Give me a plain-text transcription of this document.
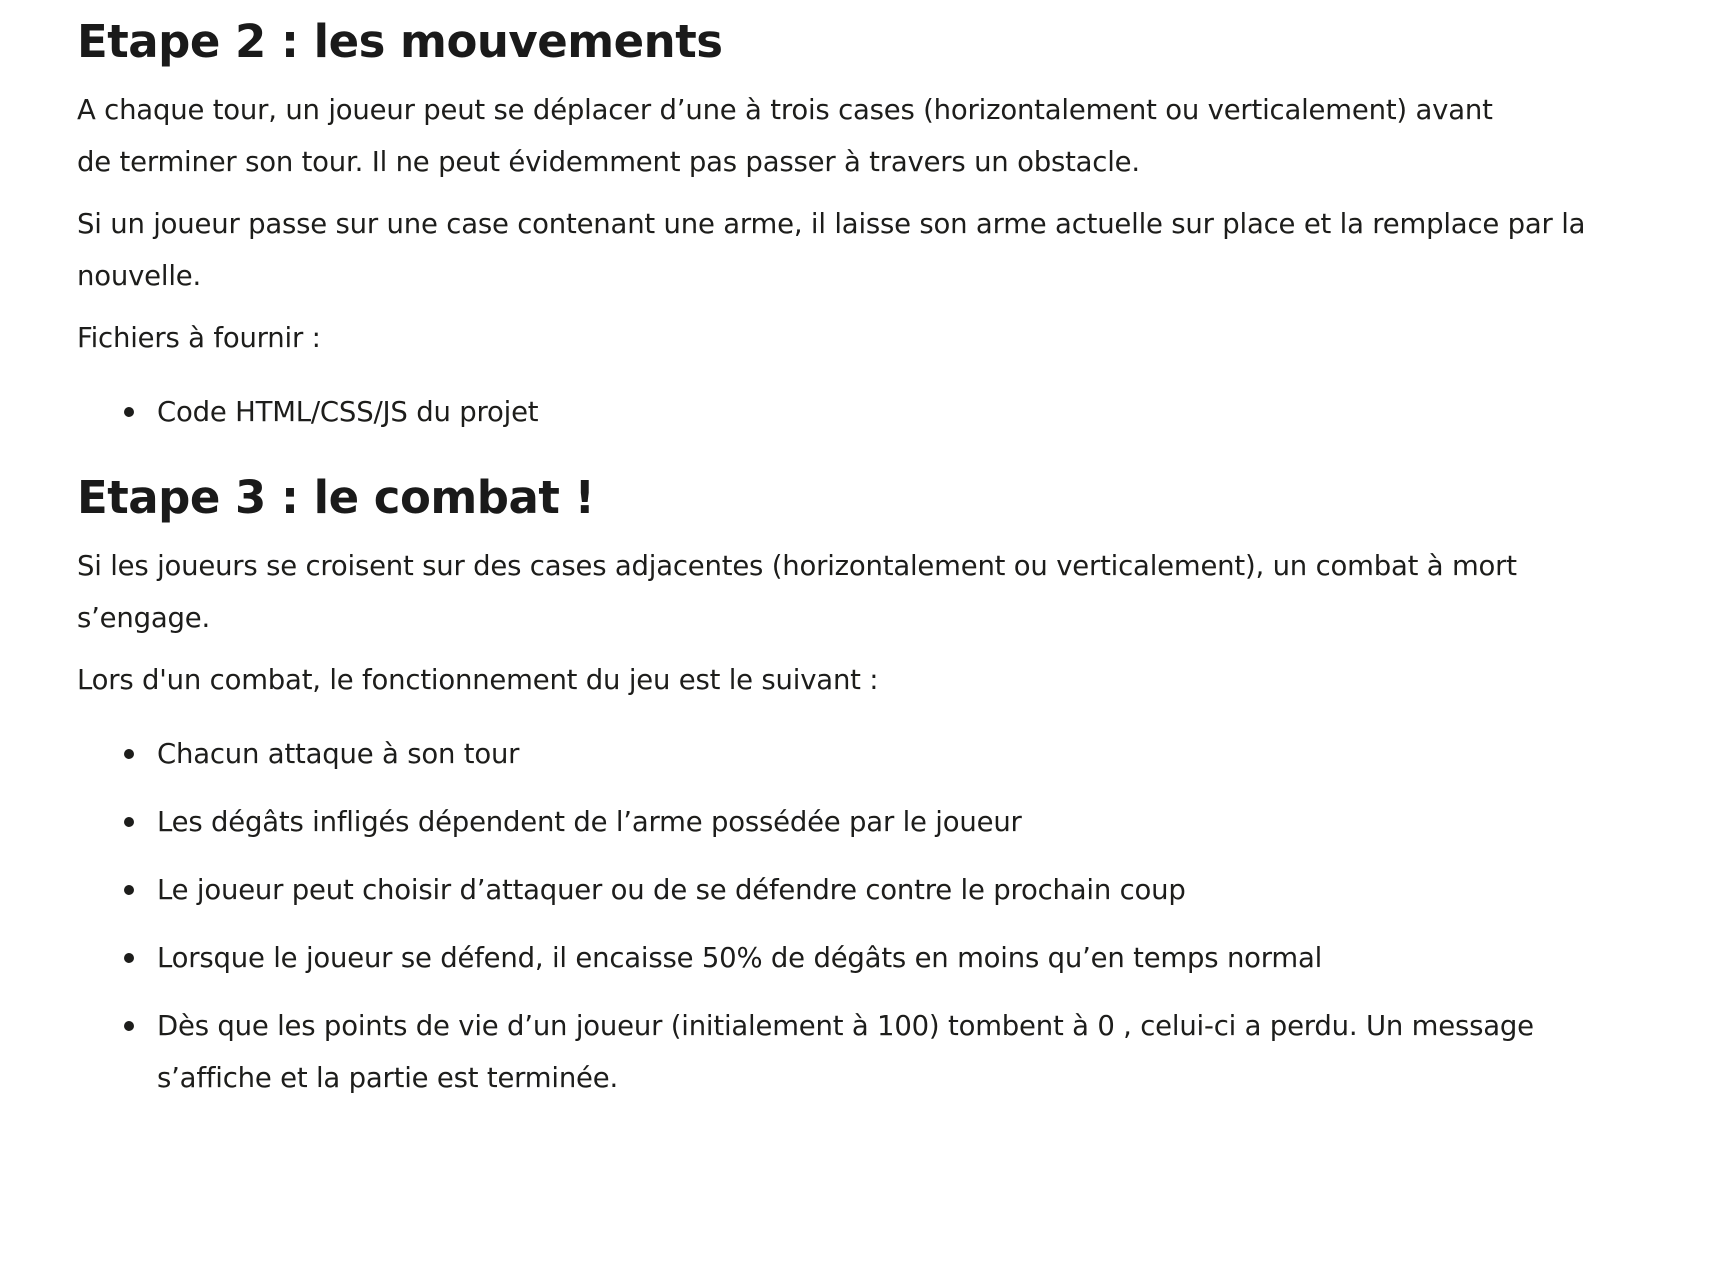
Etape 2 : les mouvements

A chaque tour, un joueur peut se déplacer d’une à trois cases (horizontalement ou verticalement) avant de terminer son tour. Il ne peut évidemment pas passer à travers un obstacle.

Si un joueur passe sur une case contenant une arme, il laisse son arme actuelle sur place et la remplace par la nouvelle.

Fichiers à fournir :

Code HTML/CSS/JS du projet
Etape 3 : le combat !

Si les joueurs se croisent sur des cases adjacentes (horizontalement ou verticalement), un combat à mort s’engage.

Lors d'un combat, le fonctionnement du jeu est le suivant :

Chacun attaque à son tour
Les dégâts infligés dépendent de l’arme possédée par le joueur
Le joueur peut choisir d’attaquer ou de se défendre contre le prochain coup
Lorsque le joueur se défend, il encaisse 50% de dégâts en moins qu’en temps normal
Dès que les points de vie d’un joueur (initialement à 100) tombent à 0 , celui-ci a perdu. Un message s’affiche et la partie est terminée.
